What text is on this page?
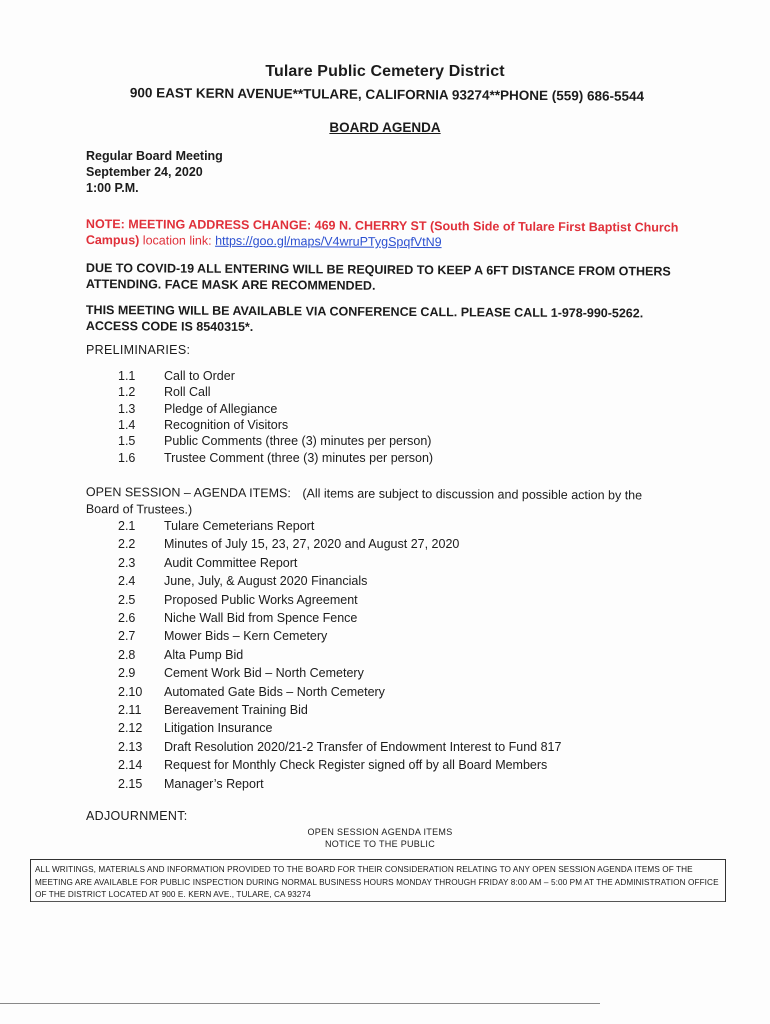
Tulare Public Cemetery District
900 EAST KERN AVENUE**TULARE, CALIFORNIA 93274**PHONE (559) 686-5544
BOARD AGENDA
Regular Board Meeting
September 24, 2020
1:00 P.M.
NOTE: MEETING ADDRESS CHANGE: 469 N. CHERRY ST (South Side of Tulare First Baptist Church Campus) location link: https://goo.gl/maps/V4wruPTygSpqfVtN9
DUE TO COVID-19 ALL ENTERING WILL BE REQUIRED TO KEEP A 6FT DISTANCE FROM OTHERS ATTENDING. FACE MASK ARE RECOMMENDED.
THIS MEETING WILL BE AVAILABLE VIA CONFERENCE CALL. PLEASE CALL 1-978-990-5262. ACCESS CODE IS 8540315*.
PRELIMINARIES:
1.1	Call to Order
1.2	Roll Call
1.3	Pledge of Allegiance
1.4	Recognition of Visitors
1.5	Public Comments (three (3) minutes per person)
1.6	Trustee Comment (three (3) minutes per person)
OPEN SESSION – AGENDA ITEMS: (All items are subject to discussion and possible action by the Board of Trustees.)
2.1	Tulare Cemeterians Report
2.2	Minutes of July 15, 23, 27, 2020 and August 27, 2020
2.3	Audit Committee Report
2.4	June, July, & August 2020 Financials
2.5	Proposed Public Works Agreement
2.6	Niche Wall Bid from Spence Fence
2.7	Mower Bids – Kern Cemetery
2.8	Alta Pump Bid
2.9	Cement Work Bid – North Cemetery
2.10	Automated Gate Bids – North Cemetery
2.11	Bereavement Training Bid
2.12	Litigation Insurance
2.13	Draft Resolution 2020/21-2 Transfer of Endowment Interest to Fund 817
2.14	Request for Monthly Check Register signed off by all Board Members
2.15	Manager’s Report
ADJOURNMENT:
OPEN SESSION AGENDA ITEMS
NOTICE TO THE PUBLIC
ALL WRITINGS, MATERIALS AND INFORMATION PROVIDED TO THE BOARD FOR THEIR CONSIDERATION RELATING TO ANY OPEN SESSION AGENDA ITEMS OF THE MEETING ARE AVAILABLE FOR PUBLIC INSPECTION DURING NORMAL BUSINESS HOURS MONDAY THROUGH FRIDAY 8:00 AM – 5:00 PM AT THE ADMINISTRATION OFFICE OF THE DISTRICT LOCATED AT 900 E. KERN AVE., TULARE, CA 93274
